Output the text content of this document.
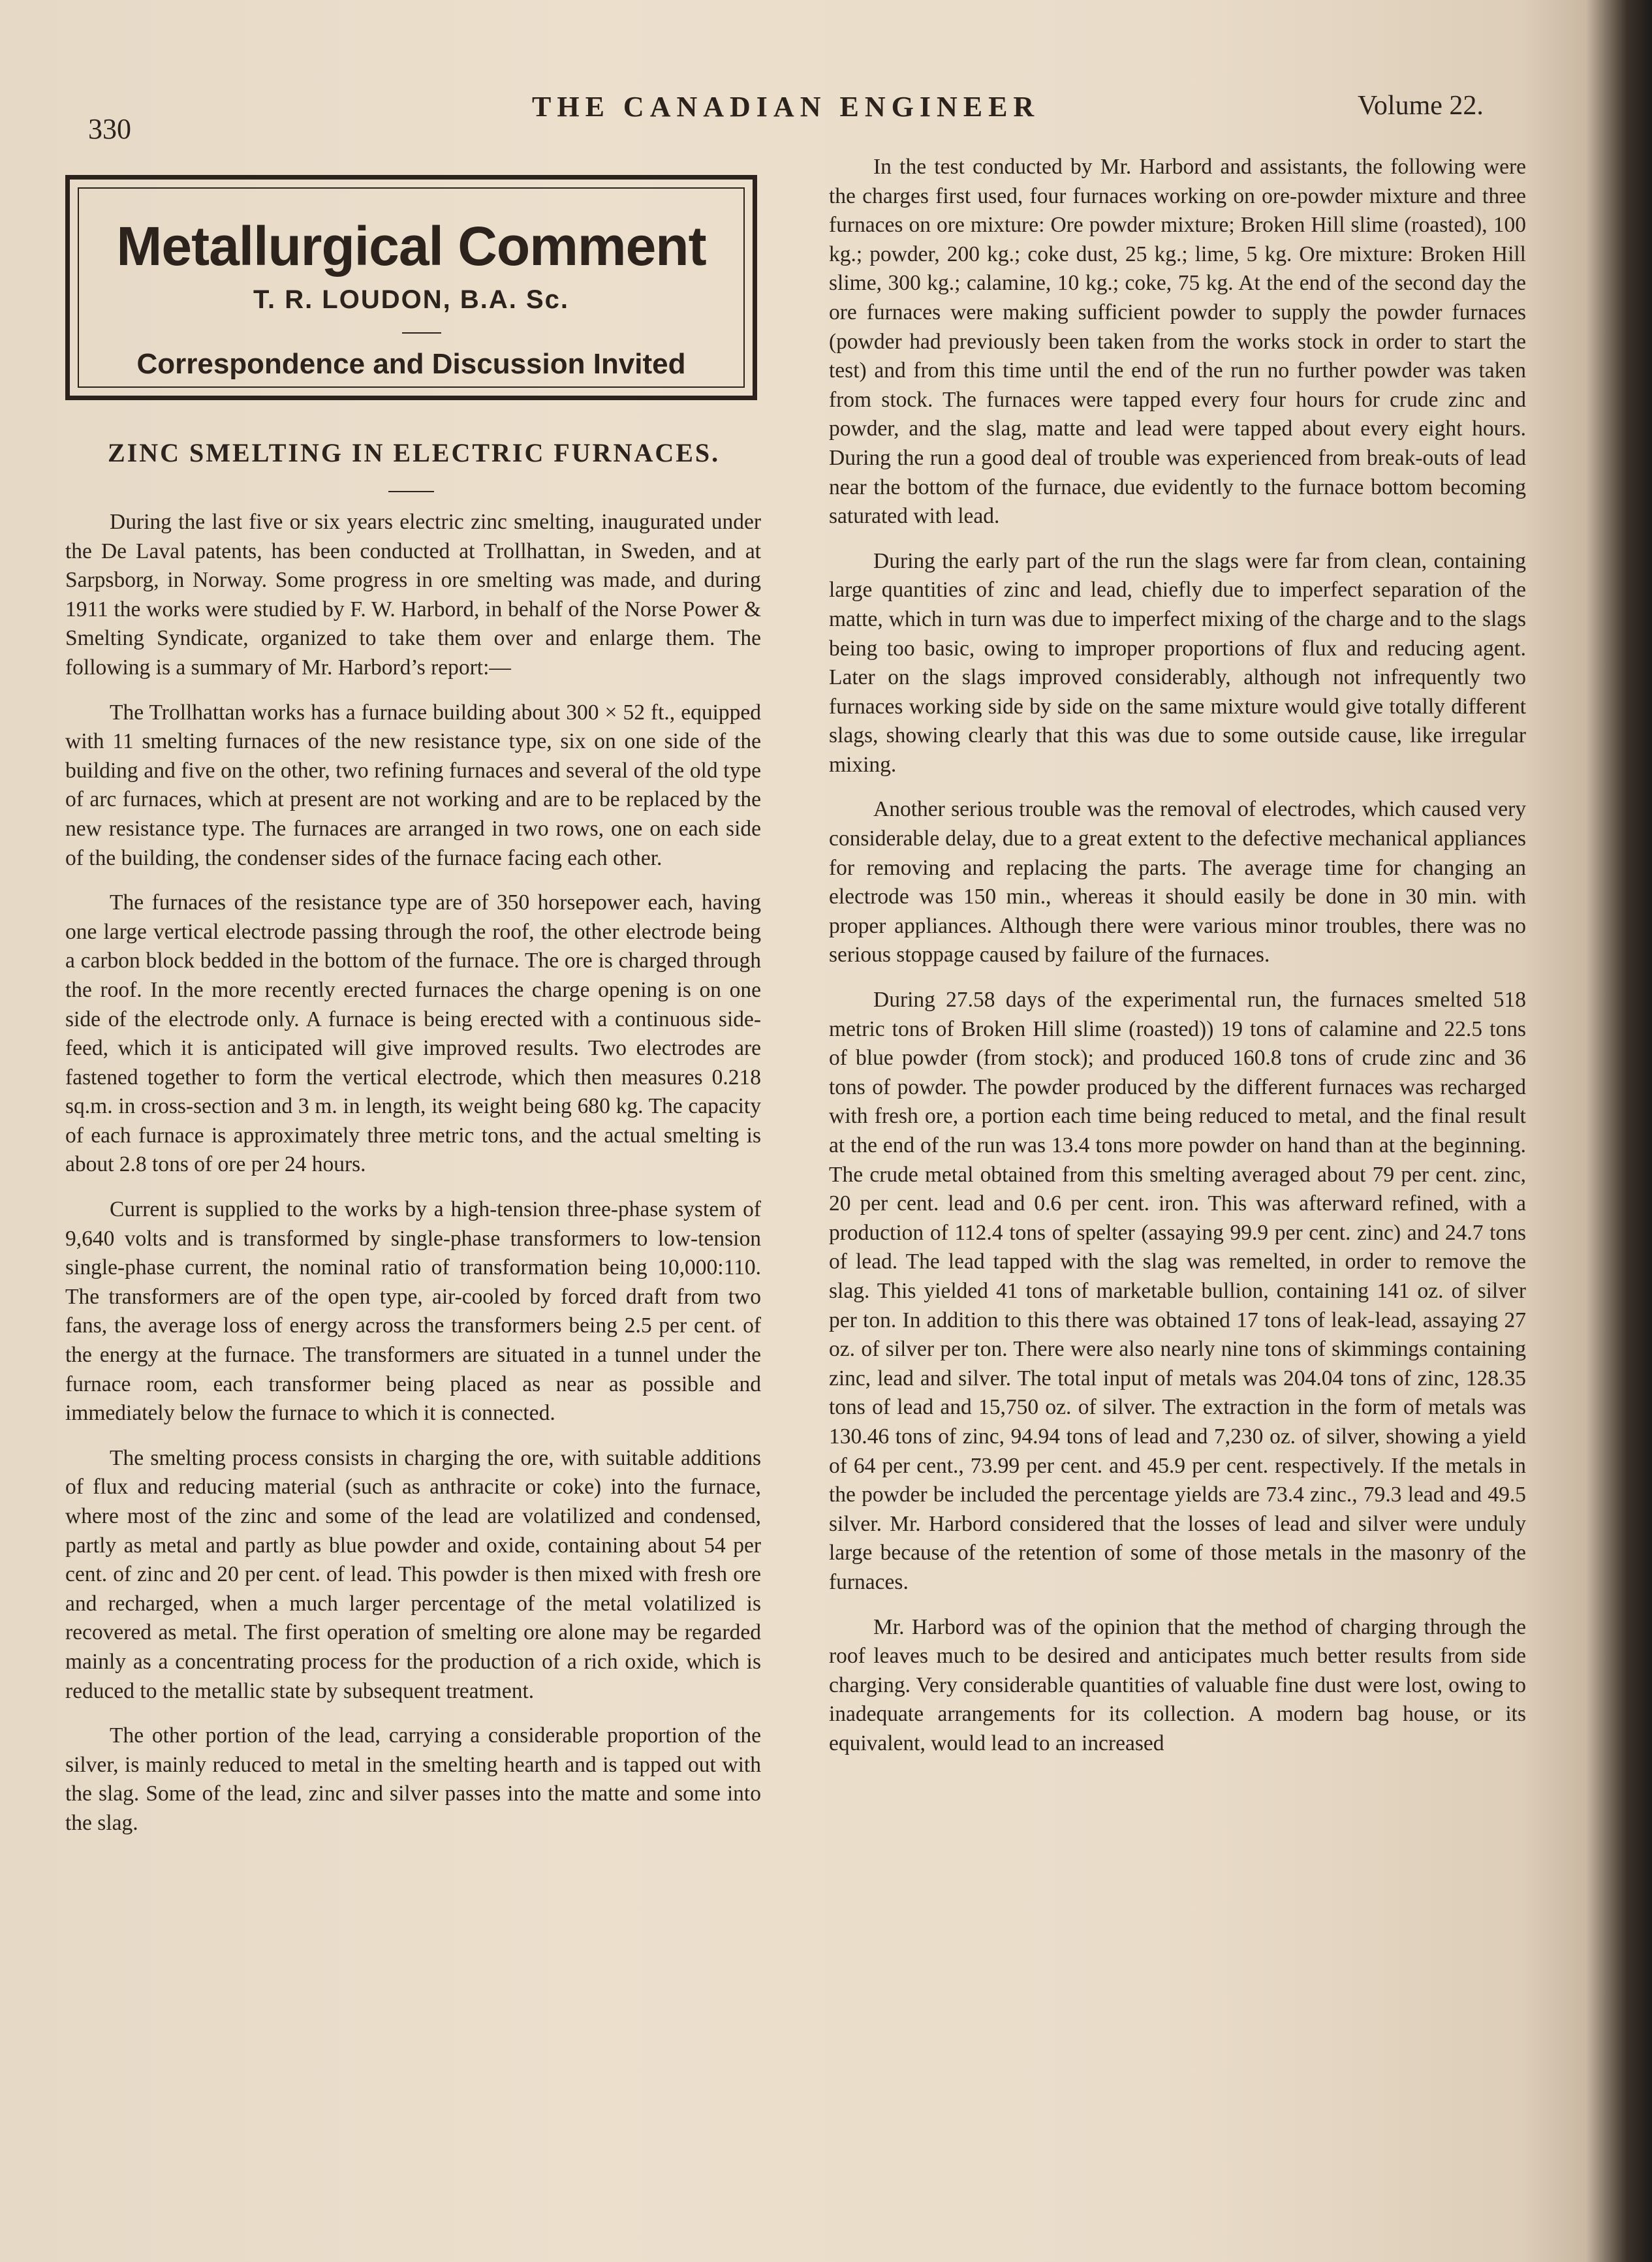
330
THE CANADIAN ENGINEER	Volume 22.
Metallurgical Comment
T. R. LOUDON, B.A. Sc.
Correspondence and Discussion Invited
ZINC SMELTING IN ELECTRIC FURNACES.

During the last five or six years electric zinc smelting, inaugurated under the De Laval patents, has been conducted at Trollhattan, in Sweden, and at Sarpsborg, in Norway. Some progress in ore smelting was made, and during 1911 the works were studied by F. W. Harbord, in behalf of the Norse Power & Smelting Syndicate, organized to take them over and enlarge them. The following is a summary of Mr. Harbord’s report:—

The Trollhattan works has a furnace building about 300 × 52 ft., equipped with 11 smelting furnaces of the new resistance type, six on one side of the building and five on the other, two refining furnaces and several of the old type of arc furnaces, which at present are not working and are to be replaced by the new resistance type. The furnaces are arranged in two rows, one on each side of the building, the condenser sides of the furnace facing each other.

The furnaces of the resistance type are of 350 horsepower each, having one large vertical electrode passing through the roof, the other electrode being a carbon block bedded in the bottom of the furnace. The ore is charged through the roof. In the more recently erected furnaces the charge opening is on one side of the electrode only. A furnace is being erected with a continuous side-feed, which it is anticipated will give improved results. Two electrodes are fastened together to form the vertical electrode, which then measures 0.218 sq.m. in cross-section and 3 m. in length, its weight being 680 kg. The capacity of each furnace is approximately three metric tons, and the actual smelting is about 2.8 tons of ore per 24 hours.

Current is supplied to the works by a high-tension three-phase system of 9,640 volts and is transformed by single-phase transformers to low-tension single-phase current, the nominal ratio of transformation being 10,000:110. The transformers are of the open type, air-cooled by forced draft from two fans, the average loss of energy across the transformers being 2.5 per cent. of the energy at the furnace. The transformers are situated in a tunnel under the furnace room, each transformer being placed as near as possible and immediately below the furnace to which it is connected.

The smelting process consists in charging the ore, with suitable additions of flux and reducing material (such as anthracite or coke) into the furnace, where most of the zinc and some of the lead are volatilized and condensed, partly as metal and partly as blue powder and oxide, containing about 54 per cent. of zinc and 20 per cent. of lead. This powder is then mixed with fresh ore and recharged, when a much larger percentage of the metal volatilized is recovered as metal. The first operation of smelting ore alone may be regarded mainly as a concentrating process for the production of a rich oxide, which is reduced to the metallic state by subsequent treatment.

The other portion of the lead, carrying a considerable proportion of the silver, is mainly reduced to metal in the smelting hearth and is tapped out with the slag. Some of the lead, zinc and silver passes into the matte and some into the slag.

In the test conducted by Mr. Harbord and assistants, the following were the charges first used, four furnaces working on ore-powder mixture and three furnaces on ore mixture: Ore powder mixture; Broken Hill slime (roasted), 100 kg.; powder, 200 kg.; coke dust, 25 kg.; lime, 5 kg. Ore mixture: Broken Hill slime, 300 kg.; calamine, 10 kg.; coke, 75 kg. At the end of the second day the ore furnaces were making sufficient powder to supply the powder furnaces (powder had previously been taken from the works stock in order to start the test) and from this time until the end of the run no further powder was taken from stock. The furnaces were tapped every four hours for crude zinc and powder, and the slag, matte and lead were tapped about every eight hours. During the run a good deal of trouble was experienced from break-outs of lead near the bottom of the furnace, due evidently to the furnace bottom becoming saturated with lead.

During the early part of the run the slags were far from clean, containing large quantities of zinc and lead, chiefly due to imperfect separation of the matte, which in turn was due to imperfect mixing of the charge and to the slags being too basic, owing to improper proportions of flux and reducing agent. Later on the slags improved considerably, although not infrequently two furnaces working side by side on the same mixture would give totally different slags, showing clearly that this was due to some outside cause, like irregular mixing.

Another serious trouble was the removal of electrodes, which caused very considerable delay, due to a great extent to the defective mechanical appliances for removing and replacing the parts. The average time for changing an electrode was 150 min., whereas it should easily be done in 30 min. with proper appliances. Although there were various minor troubles, there was no serious stoppage caused by failure of the furnaces.

During 27.58 days of the experimental run, the furnaces smelted 518 metric tons of Broken Hill slime (roasted)) 19 tons of calamine and 22.5 tons of blue powder (from stock); and produced 160.8 tons of crude zinc and 36 tons of powder. The powder produced by the different furnaces was recharged with fresh ore, a portion each time being reduced to metal, and the final result at the end of the run was 13.4 tons more powder on hand than at the beginning. The crude metal obtained from this smelting averaged about 79 per cent. zinc, 20 per cent. lead and 0.6 per cent. iron. This was afterward refined, with a production of 112.4 tons of spelter (assaying 99.9 per cent. zinc) and 24.7 tons of lead. The lead tapped with the slag was remelted, in order to remove the slag. This yielded 41 tons of marketable bullion, containing 141 oz. of silver per ton. In addition to this there was obtained 17 tons of leak-lead, assaying 27 oz. of silver per ton. There were also nearly nine tons of skimmings containing zinc, lead and silver. The total input of metals was 204.04 tons of zinc, 128.35 tons of lead and 15,750 oz. of silver. The extraction in the form of metals was 130.46 tons of zinc, 94.94 tons of lead and 7,230 oz. of silver, showing a yield of 64 per cent., 73.99 per cent. and 45.9 per cent. respectively. If the metals in the powder be included the percentage yields are 73.4 zinc., 79.3 lead and 49.5 silver. Mr. Harbord considered that the losses of lead and silver were unduly large because of the retention of some of those metals in the masonry of the furnaces.

Mr. Harbord was of the opinion that the method of charging through the roof leaves much to be desired and anticipates much better results from side charging. Very considerable quantities of valuable fine dust were lost, owing to inadequate arrangements for its collection. A modern bag house, or its equivalent, would lead to an increased
